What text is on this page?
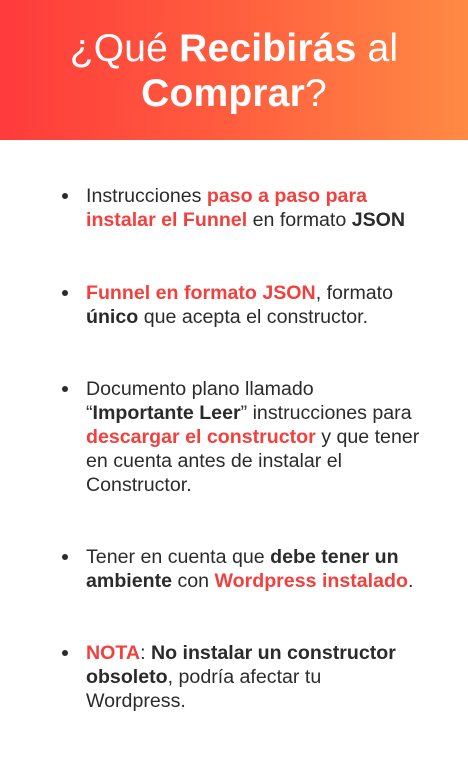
¿Qué Recibirás al
Comprar?
Instrucciones paso a paso para instalar el Funnel en formato JSON
Funnel en formato JSON, formato único que acepta el constructor.
Documento plano llamado “Importante Leer” instrucciones para descargar el constructor y que tener en cuenta antes de instalar el Constructor.
Tener en cuenta que debe tener un ambiente con Wordpress instalado.
NOTA: No instalar un constructor obsoleto, podría afectar tu Wordpress.
